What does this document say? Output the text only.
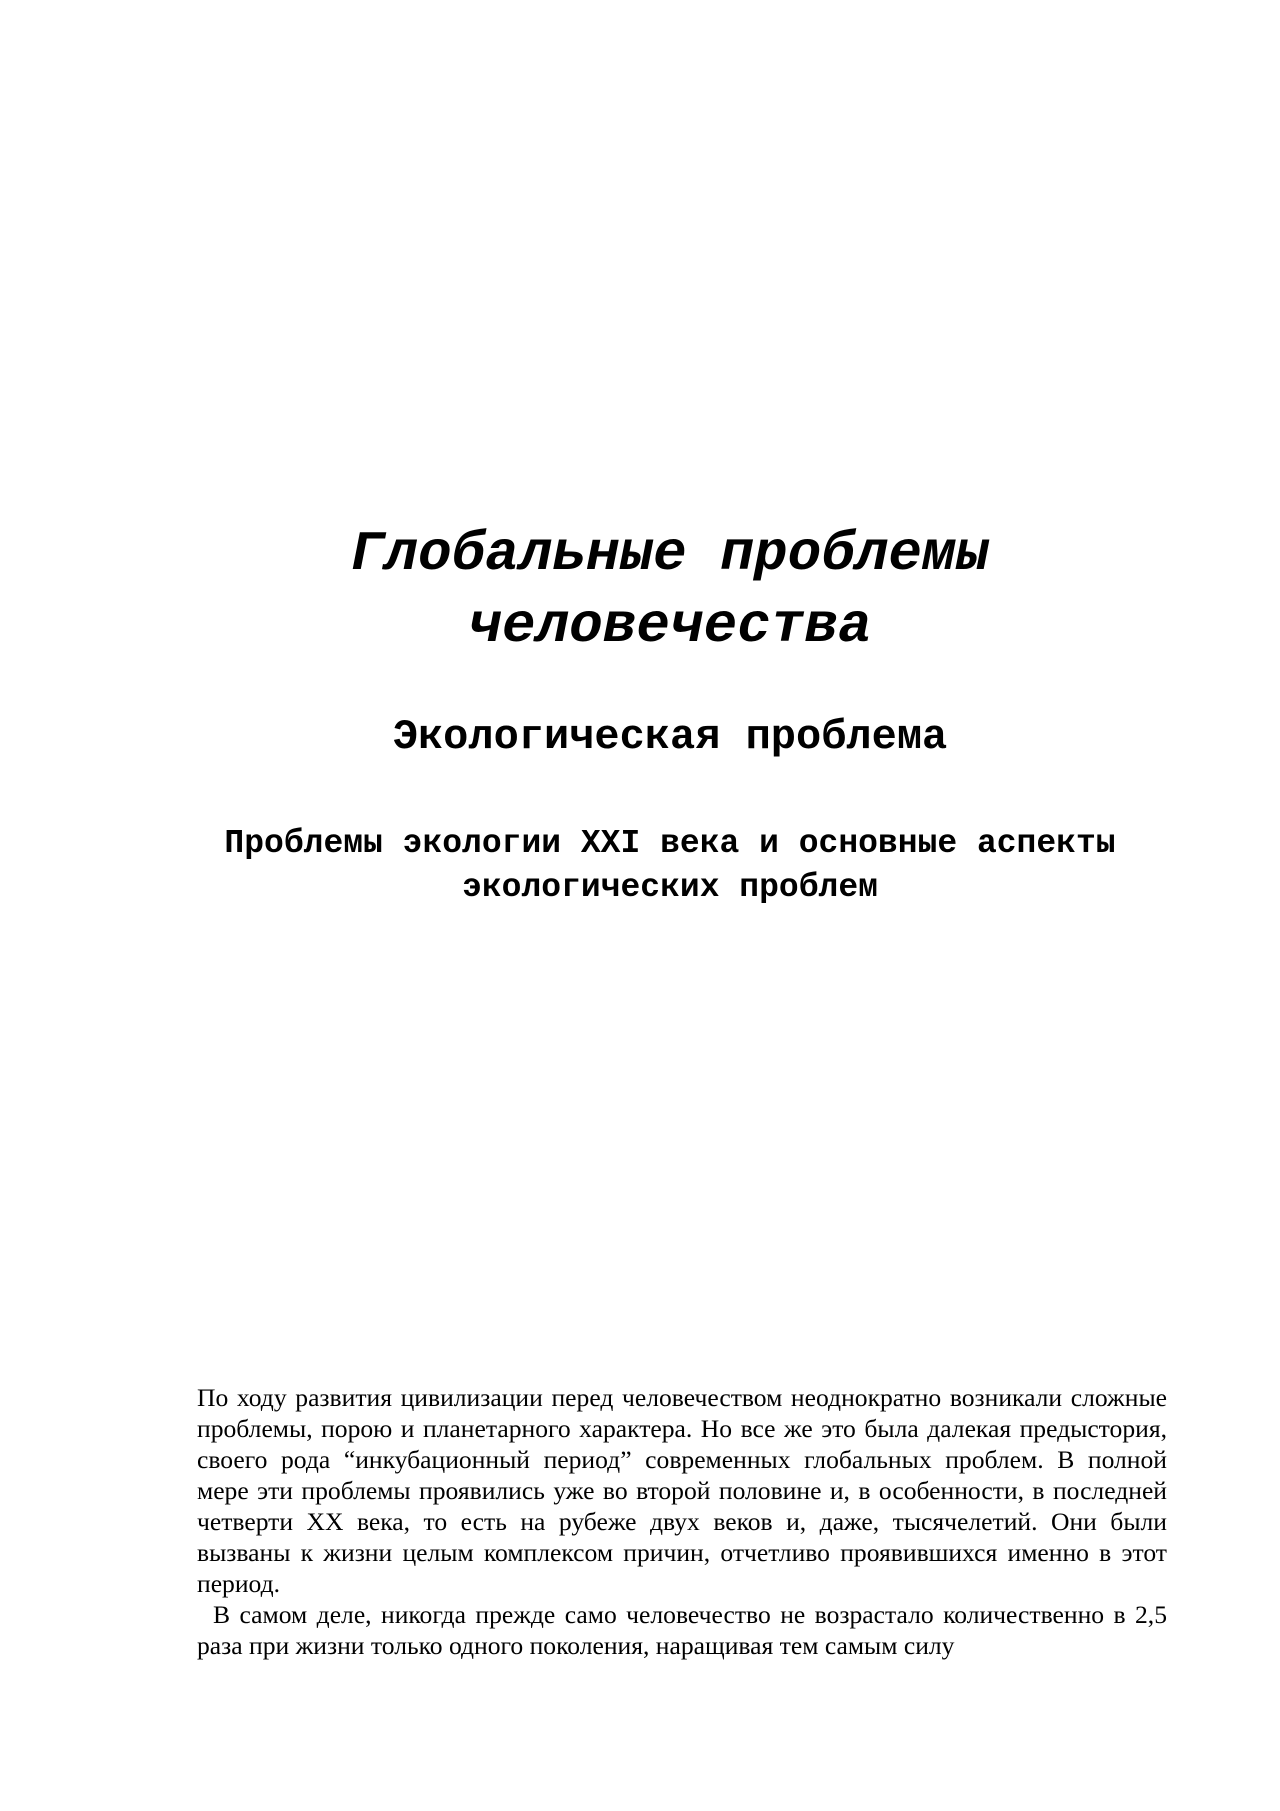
Глобальные проблемы человечества
Экологическая проблема
Проблемы экологии XXI века и основные аспекты экологических проблем

По ходу развития цивилизации перед человечеством неоднократно возникали сложные проблемы, порою и планетарного характера. Но все же это была далекая предыстория, своего рода “инкубационный период” современных глобальных проблем. В полной мере эти проблемы проявились уже во второй половине и, в особенности, в последней четверти XX века, то есть на рубеже двух веков и, даже, тысячелетий. Они были вызваны к жизни целым комплексом причин, отчетливо проявившихся именно в этот период.

В самом деле, никогда прежде само человечество не возрастало количественно в 2,5 раза при жизни только одного поколения, наращивая тем самым силу
